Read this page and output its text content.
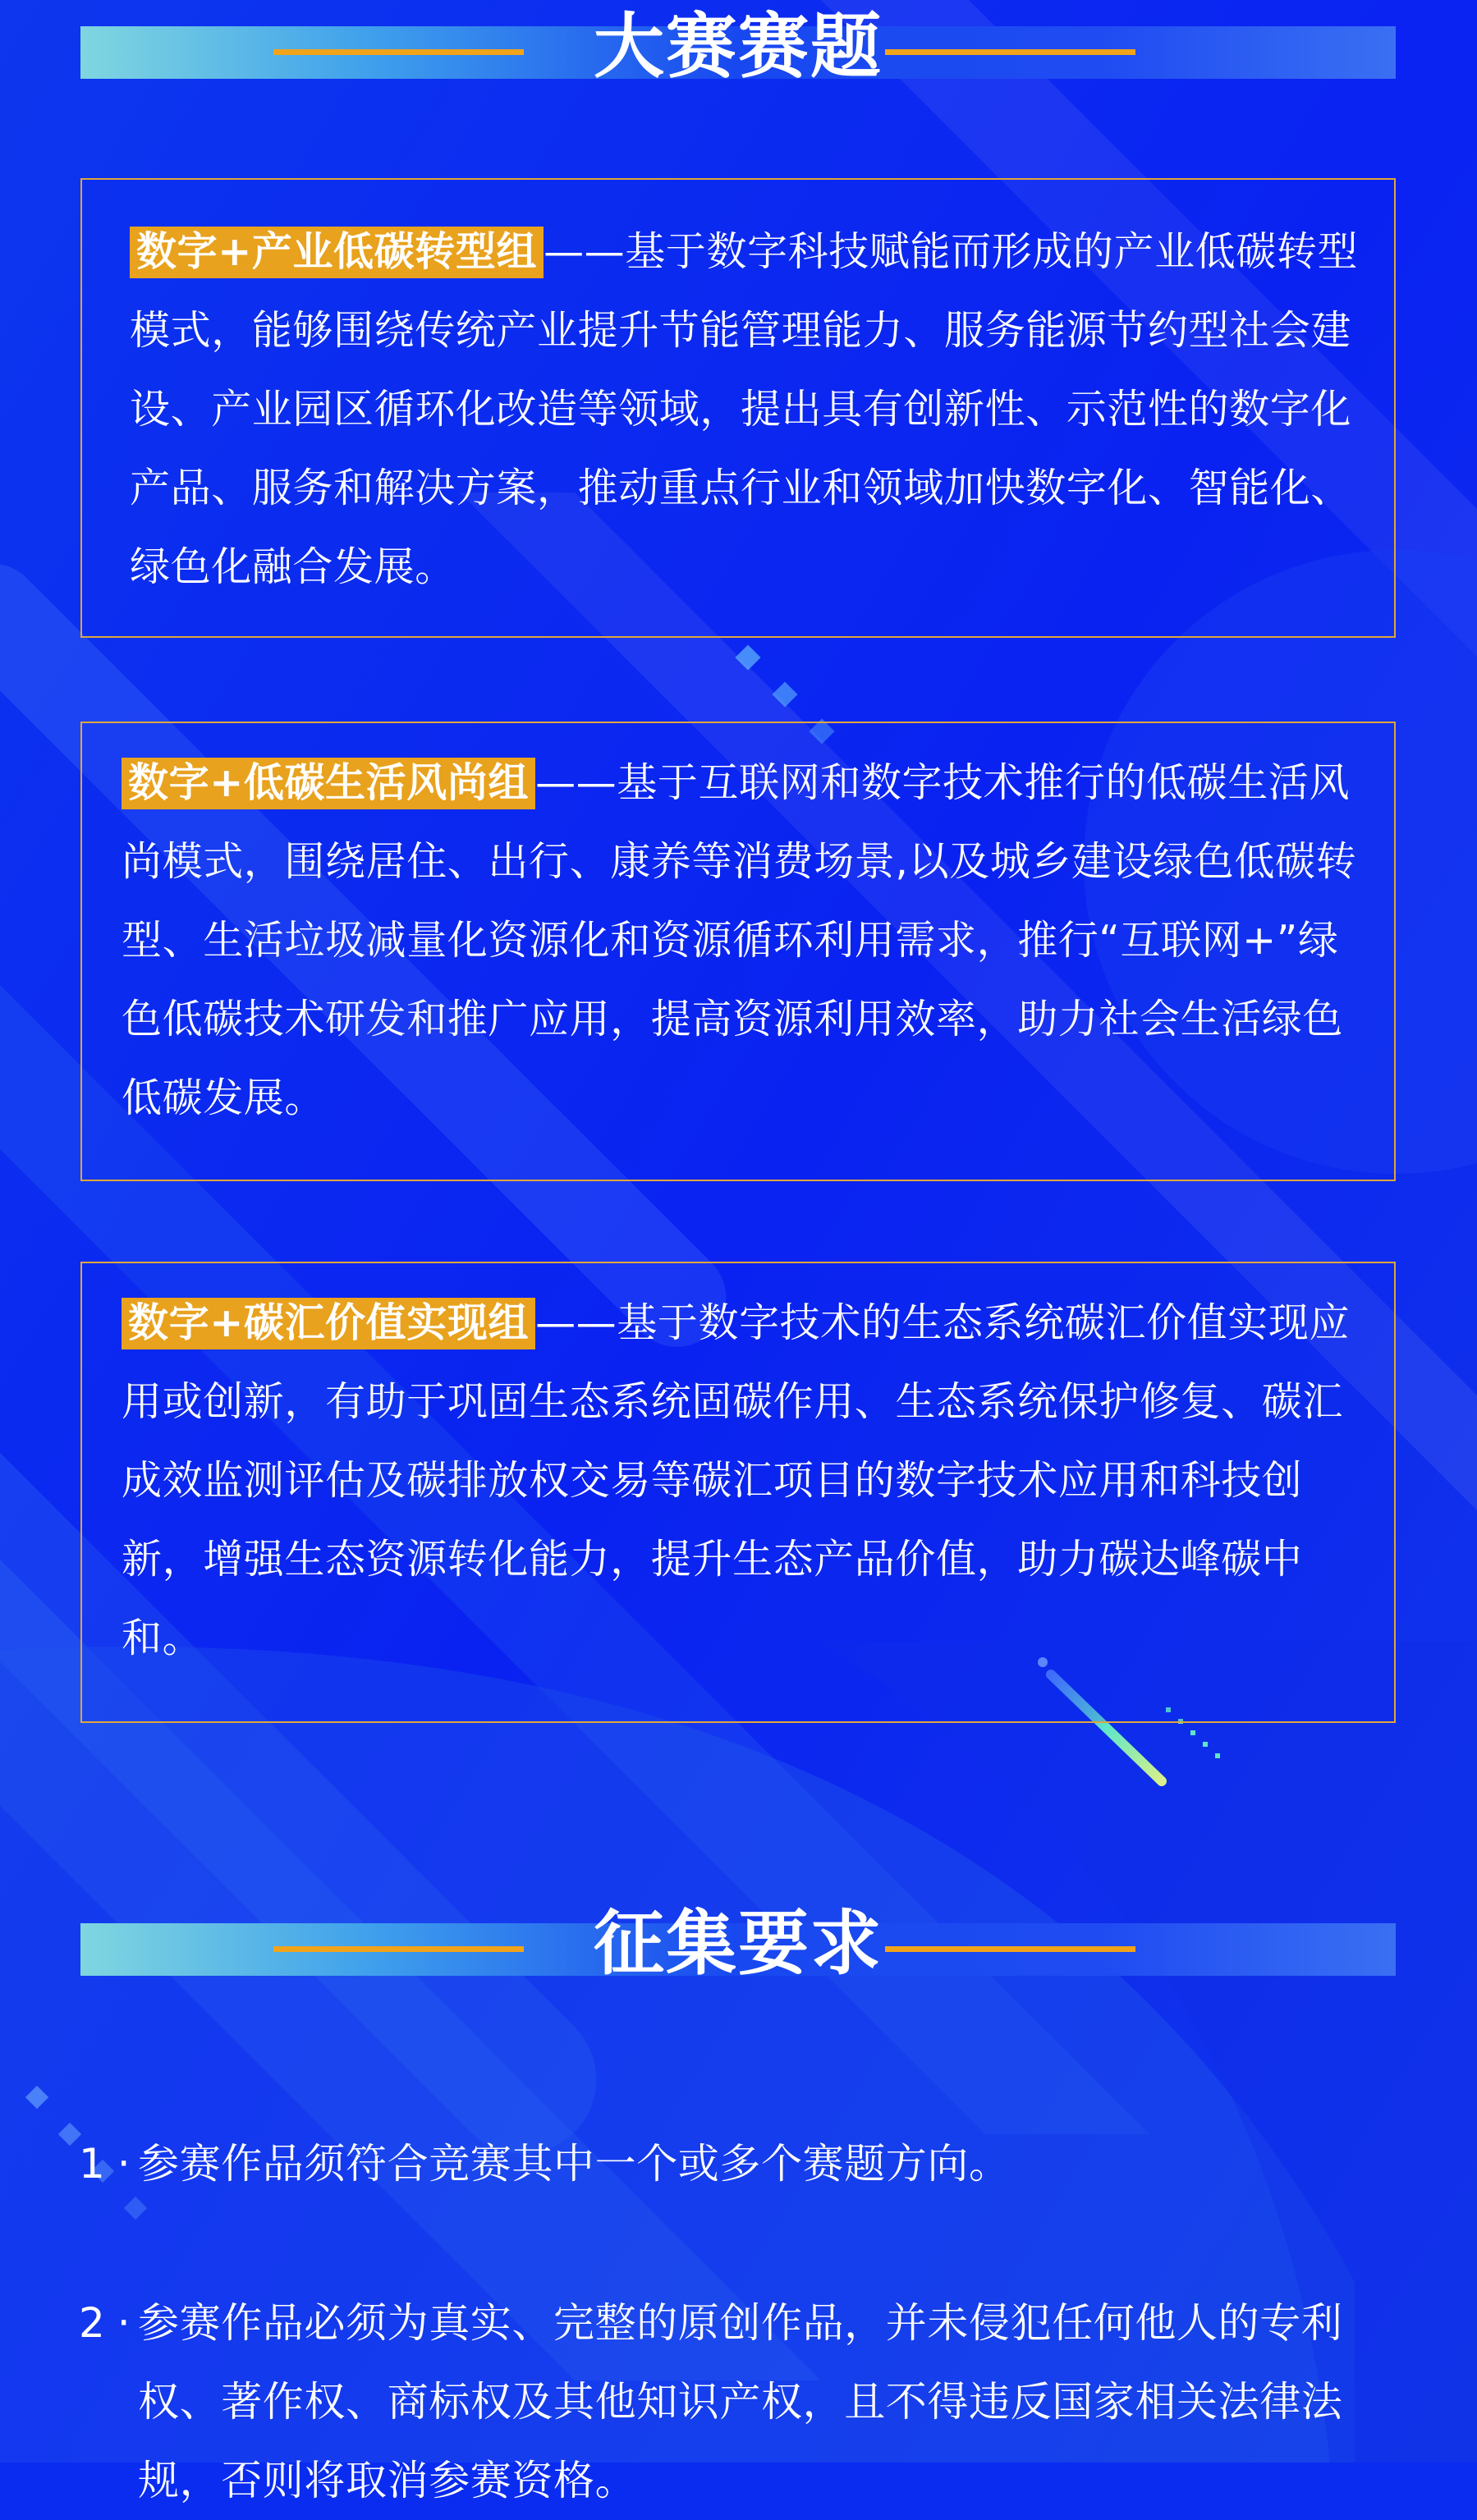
大赛赛题
数字+产业低碳转型组 ——基于数字科技赋能而形成的产业低碳转型模式，能够围绕传统产业提升节能管理能力、服务能源节约型社会建设、产业园区循环化改造等领域，提出具有创新性、示范性的数字化产品、服务和解决方案，推动重点行业和领域加快数字化、智能化、绿色化融合发展。
数字+低碳生活风尚组 ——基于互联网和数字技术推行的低碳生活风尚模式，围绕居住、出行、康养等消费场景,以及城乡建设绿色低碳转型、生活垃圾减量化资源化和资源循环利用需求，推行“互联网+”绿色低碳技术研发和推广应用，提高资源利用效率，助力社会生活绿色低碳发展。
数字+碳汇价值实现组 ——基于数字技术的生态系统碳汇价值实现应用或创新，有助于巩固生态系统固碳作用、生态系统保护修复、碳汇成效监测评估及碳排放权交易等碳汇项目的数字技术应用和科技创新，增强生态资源转化能力，提升生态产品价值，助力碳达峰碳中和。
征集要求
1 · 参赛作品须符合竞赛其中一个或多个赛题方向。
2 · 参赛作品必须为真实、完整的原创作品，并未侵犯任何他人的专利权、著作权、商标权及其他知识产权，且不得违反国家相关法律法规，否则将取消参赛资格。
